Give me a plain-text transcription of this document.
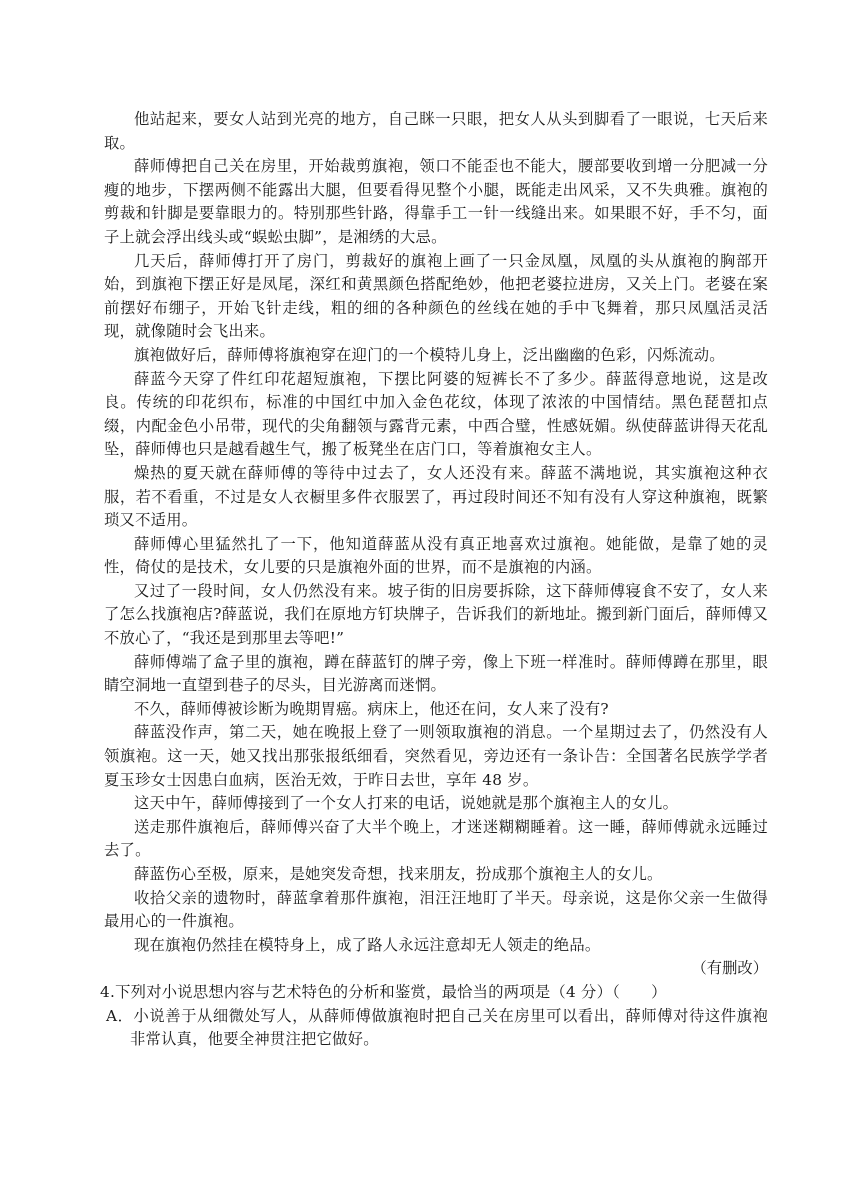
他站起来，要女人站到光亮的地方，自己眯一只眼，把女人从头到脚看了一眼说，七天后来取。

薛师傅把自己关在房里，开始裁剪旗袍，领口不能歪也不能大，腰部要收到增一分肥减一分瘦的地步，下摆两侧不能露出大腿，但要看得见整个小腿，既能走出风采，又不失典雅。旗袍的剪裁和针脚是要靠眼力的。特别那些针路，得靠手工一针一线缝出来。如果眼不好，手不匀，面子上就会浮出线头或“蜈蚣虫脚”，是湘绣的大忌。

几天后，薛师傅打开了房门，剪裁好的旗袍上画了一只金凤凰，凤凰的头从旗袍的胸部开始，到旗袍下摆正好是凤尾，深红和黄黑颜色搭配绝妙，他把老婆拉进房，又关上门。老婆在案前摆好布绷子，开始飞针走线，粗的细的各种颜色的丝线在她的手中飞舞着，那只凤凰活灵活现，就像随时会飞出来。

旗袍做好后，薛师傅将旗袍穿在迎门的一个模特儿身上，泛出幽幽的色彩，闪烁流动。

薛蓝今天穿了件红印花超短旗袍，下摆比阿婆的短裤长不了多少。薛蓝得意地说，这是改良。传统的印花织布，标准的中国红中加入金色花纹，体现了浓浓的中国情结。黑色琵琶扣点缀，内配金色小吊带，现代的尖角翻领与露背元素，中西合璧，性感妩媚。纵使薛蓝讲得天花乱坠，薛师傅也只是越看越生气，搬了板凳坐在店门口，等着旗袍女主人。

燥热的夏天就在薛师傅的等待中过去了，女人还没有来。薛蓝不满地说，其实旗袍这种衣服，若不看重，不过是女人衣橱里多件衣服罢了，再过段时间还不知有没有人穿这种旗袍，既繁琐又不适用。

薛师傅心里猛然扎了一下，他知道薛蓝从没有真正地喜欢过旗袍。她能做，是靠了她的灵性，倚仗的是技术，女儿要的只是旗袍外面的世界，而不是旗袍的内涵。

又过了一段时间，女人仍然没有来。坡子街的旧房要拆除，这下薛师傅寝食不安了，女人来了怎么找旗袍店?薛蓝说，我们在原地方钉块牌子，告诉我们的新地址。搬到新门面后，薛师傅又不放心了，“我还是到那里去等吧!”

薛师傅端了盒子里的旗袍，蹲在薛蓝钉的牌子旁，像上下班一样准时。薛师傅蹲在那里，眼睛空洞地一直望到巷子的尽头，目光游离而迷惘。

不久，薛师傅被诊断为晚期胃癌。病床上，他还在问，女人来了没有?

薛蓝没作声，第二天，她在晚报上登了一则领取旗袍的消息。一个星期过去了，仍然没有人领旗袍。这一天，她又找出那张报纸细看，突然看见，旁边还有一条讣告：全国著名民族学学者夏玉珍女士因患白血病，医治无效，于昨日去世，享年 48 岁。

这天中午，薛师傅接到了一个女人打来的电话，说她就是那个旗袍主人的女儿。

送走那件旗袍后，薛师傅兴奋了大半个晚上，才迷迷糊糊睡着。这一睡，薛师傅就永远睡过去了。

薛蓝伤心至极，原来，是她突发奇想，找来朋友，扮成那个旗袍主人的女儿。

收拾父亲的遗物时，薛蓝拿着那件旗袍，泪汪汪地盯了半天。母亲说，这是你父亲一生做得最用心的一件旗袍。

现在旗袍仍然挂在模特身上，成了路人永远注意却无人领走的绝品。

（有删改）

4.下列对小说思想内容与艺术特色的分析和鉴赏，最恰当的两项是（4 分）（　　）

A．小说善于从细微处写人，从薛师傅做旗袍时把自己关在房里可以看出，薛师傅对待这件旗袍非常认真，他要全神贯注把它做好。
